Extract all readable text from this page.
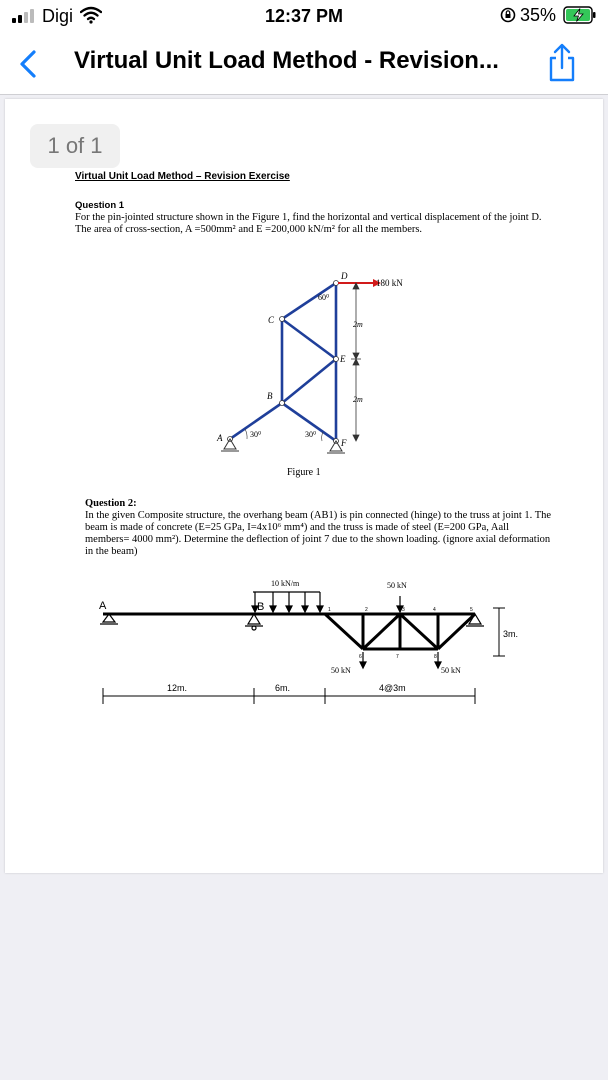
Digi	12:37 PM	35%
Virtual Unit Load Method - Revision...
1 of 1
Virtual Unit Load Method – Revision Exercise
Question 1
For the pin-jointed structure shown in the Figure 1, find the horizontal and vertical displacement of the joint D. The area of cross-section, A =500mm² and E =200,000 kN/m² for all the members.
180 kN
2m
2m
D
C
E
B
A	F
60⁰
30⁰	30⁰
Figure 1
Question 2:
In the given Composite structure, the overhang beam (AB1) is pin connected (hinge) to the truss at joint 1. The beam is made of concrete (E=25 GPa, I=4x10⁶ mm⁴) and the truss is made of steel (E=200 GPa, Aall members= 4000 mm²). Determine the deflection of joint 7 due to the shown loading. (ignore axial deformation in the beam)
10 kN/m	50 kN
50 kN	50 kN
A	B
3m.
12m.	6m.	4@3m
1	2	3	4	5
6	7	8
